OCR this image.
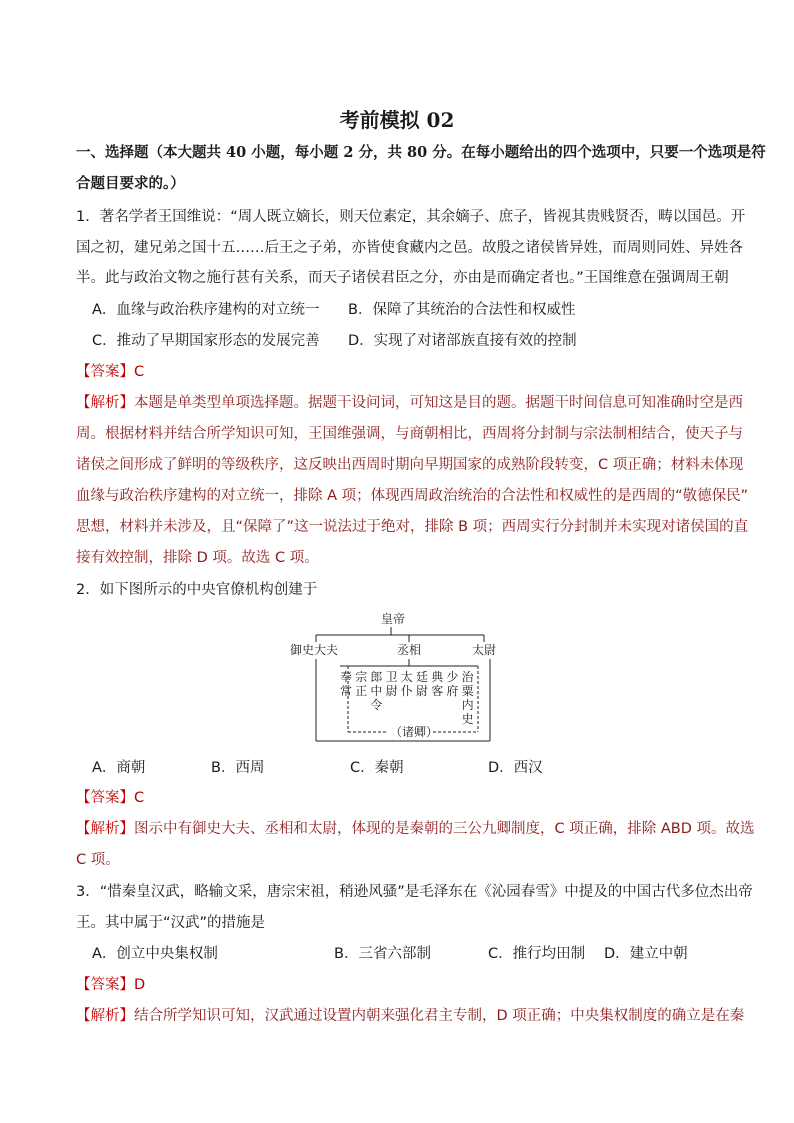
考前模拟 02
一、选择题（本大题共 40 小题，每小题 2 分，共 80 分。在每小题给出的四个选项中，只要一个选项是符
合题目要求的。）
1．著名学者王国维说：“周人既立嫡长，则天位素定，其余嫡子、庶子，皆视其贵贱贤否，畴以国邑。开
国之初，建兄弟之国十五……后王之子弟，亦皆使食藏内之邑。故殷之诸侯皆异姓，而周则同姓、异姓各
半。此与政治文物之施行甚有关系，而天子诸侯君臣之分，亦由是而确定者也。”王国维意在强调周王朝
A．血缘与政治秩序建构的对立统一 B．保障了其统治的合法性和权威性
C．推动了早期国家形态的发展完善 D．实现了对诸部族直接有效的控制
【答案】C
【解析】本题是单类型单项选择题。据题干设问词，可知这是目的题。据题干时间信息可知准确时空是西
周。根据材料并结合所学知识可知，王国维强调，与商朝相比，西周将分封制与宗法制相结合，使天子与
诸侯之间形成了鲜明的等级秩序，这反映出西周时期向早期国家的成熟阶段转变，C 项正确；材料未体现
血缘与政治秩序建构的对立统一，排除 A 项；体现西周政治统治的合法性和权威性的是西周的“敬德保民”
思想，材料并未涉及，且“保障了”这一说法过于绝对，排除 B 项；西周实行分封制并未实现对诸侯国的直
接有效控制，排除 D 项。故选 C 项。
2．如下图所示的中央官僚机构创建于
皇帝
御史大夫	丞相	太尉
奉常
宗正
郎中令
卫尉
太仆
廷尉
典客
少府
治粟内史
（诸卿）
A．商朝	B．西周	C．秦朝	D．西汉
【答案】C
【解析】图示中有御史大夫、丞相和太尉，体现的是秦朝的三公九卿制度，C 项正确，排除 ABD 项。故选
C 项。
3．“惜秦皇汉武，略输文采，唐宗宋祖，稍逊风骚”是毛泽东在《沁园春雪》中提及的中国古代多位杰出帝
王。其中属于“汉武”的措施是
A．创立中央集权制	B．三省六部制	C．推行均田制 D．建立中朝
【答案】D
【解析】结合所学知识可知，汉武通过设置内朝来强化君主专制，D 项正确；中央集权制度的确立是在秦
